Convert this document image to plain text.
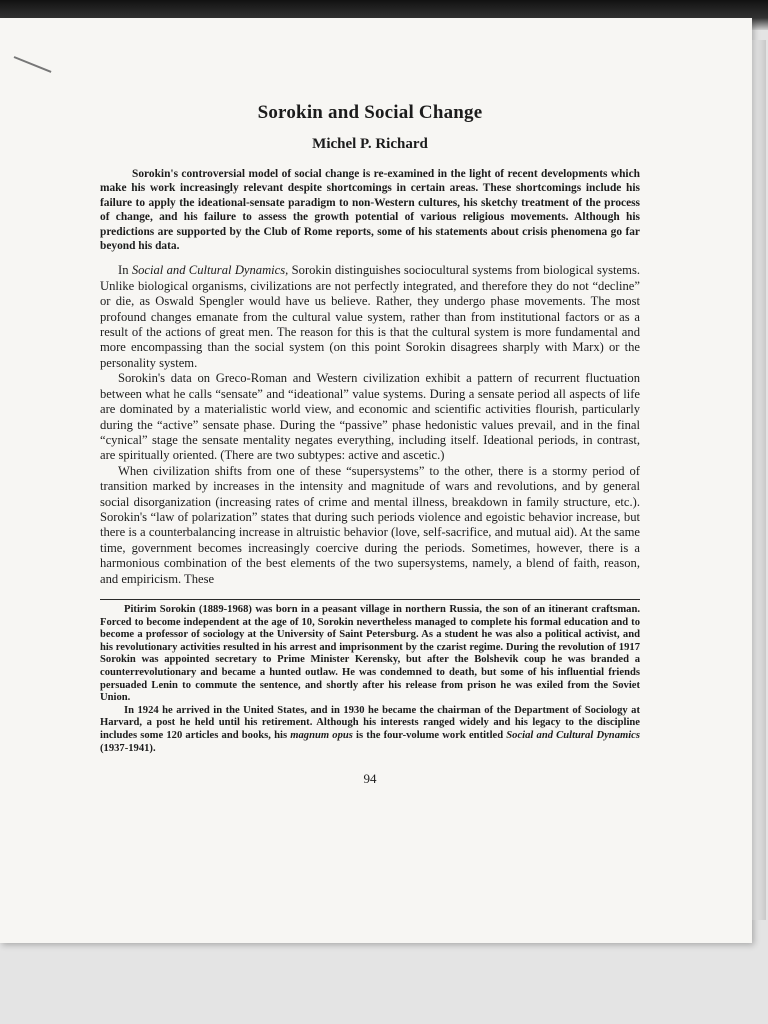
Sorokin and Social Change
Michel P. Richard

Sorokin's controversial model of social change is re-examined in the light of recent developments which make his work increasingly relevant despite shortcomings in certain areas. These shortcomings include his failure to apply the ideational-sensate paradigm to non-Western cultures, his sketchy treatment of the process of change, and his failure to assess the growth potential of various religious movements. Although his predictions are supported by the Club of Rome reports, some of his statements about crisis phenomena go far beyond his data.

In Social and Cultural Dynamics, Sorokin distinguishes sociocultural systems from biological systems. Unlike biological organisms, civilizations are not perfectly integrated, and therefore they do not “decline” or die, as Oswald Spengler would have us believe. Rather, they undergo phase movements. The most profound changes emanate from the cultural value system, rather than from institutional factors or as a result of the actions of great men. The reason for this is that the cultural system is more fundamental and more encompassing than the social system (on this point Sorokin disagrees sharply with Marx) or the personality system.

Sorokin's data on Greco-Roman and Western civilization exhibit a pattern of recurrent fluctuation between what he calls “sensate” and “ideational” value systems. During a sensate period all aspects of life are dominated by a materialistic world view, and economic and scientific activities flourish, particularly during the “active” sensate phase. During the “passive” phase hedonistic values prevail, and in the final “cynical” stage the sensate mentality negates everything, including itself. Ideational periods, in contrast, are spiritually oriented. (There are two subtypes: active and ascetic.)

When civilization shifts from one of these “supersystems” to the other, there is a stormy period of transition marked by increases in the intensity and magnitude of wars and revolutions, and by general social disorganization (increasing rates of crime and mental illness, breakdown in family structure, etc.). Sorokin's “law of polarization” states that during such periods violence and egoistic behavior increase, but there is a counterbalancing increase in altruistic behavior (love, self-sacrifice, and mutual aid). At the same time, government becomes increasingly coercive during the periods. Sometimes, however, there is a harmonious combination of the best elements of the two supersystems, namely, a blend of faith, reason, and empiricism. These

Pitirim Sorokin (1889-1968) was born in a peasant village in northern Russia, the son of an itinerant craftsman. Forced to become independent at the age of 10, Sorokin nevertheless managed to complete his formal education and to become a professor of sociology at the University of Saint Petersburg. As a student he was also a political activist, and his revolutionary activities resulted in his arrest and imprisonment by the czarist regime. During the revolution of 1917 Sorokin was appointed secretary to Prime Minister Kerensky, but after the Bolshevik coup he was branded a counterrevolutionary and became a hunted outlaw. He was condemned to death, but some of his influential friends persuaded Lenin to commute the sentence, and shortly after his release from prison he was exiled from the Soviet Union.

In 1924 he arrived in the United States, and in 1930 he became the chairman of the Department of Sociology at Harvard, a post he held until his retirement. Although his interests ranged widely and his legacy to the discipline includes some 120 articles and books, his magnum opus is the four-volume work entitled Social and Cultural Dynamics (1937-1941).

94
